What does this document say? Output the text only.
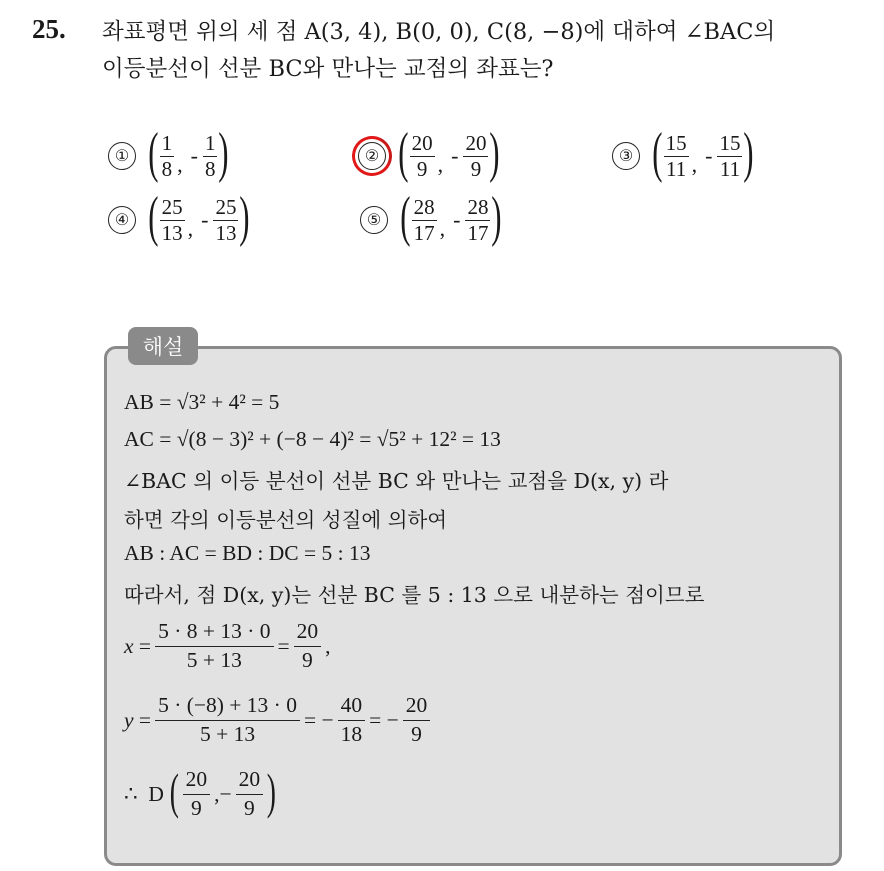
25. 좌표평면 위의 세 점 A(3, 4), B(0, 0), C(8, −8)에 대하여 ∠BAC의
이등분선이 선분 BC와 만나는 교점의 좌표는?
① ( $\frac{1}{8}$ , - $\frac{1}{8}$ )	② ( $\frac{20}{9}$ , - $\frac{20}{9}$ )	③ ( $\frac{15}{11}$ , - $\frac{15}{11}$ )
④ ( $\frac{25}{13}$ , - $\frac{25}{13}$ )	⑤ ( $\frac{28}{17}$ , - $\frac{28}{17}$ )
해설
AB = √3² + 4² = 5
AC = √(8 − 3)² + (−8 − 4)² = √5² + 12² = 13
∠BAC 의 이등 분선이 선분 BC 와 만나는 교점을 D(x, y) 라
하면 각의 이등분선의 성질에 의하여
AB : AC = BD : DC = 5 : 13
따라서, 점 D(x, y)는 선분 BC 를 5 : 13 으로 내분하는 점이므로
x =
5 · 8 + 13 · 0
5 + 13
=
20
9
,
y =
5 · (−8) + 13 · 0
5 + 13
= −
40
18
= −
20
9
∴  D ( 20
9
,−
20
9 )
